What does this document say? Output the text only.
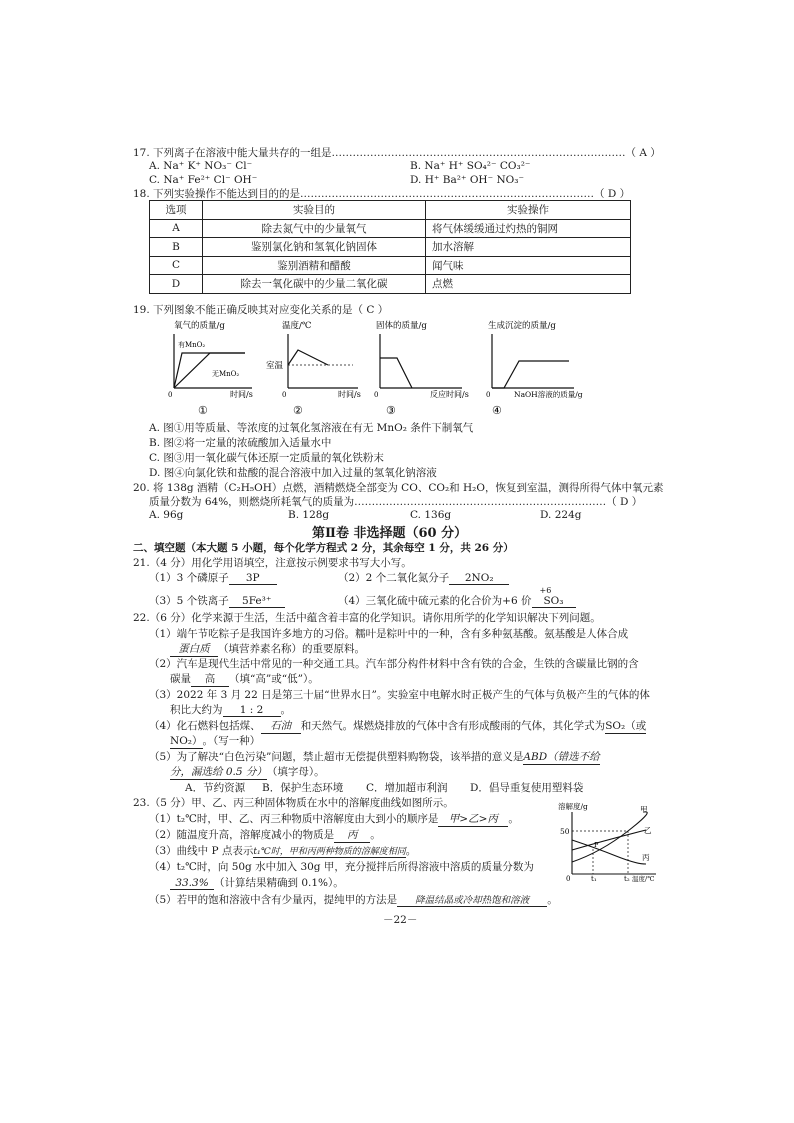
17. 下列离子在溶液中能大量共存的一组是…………………………………………………………………………（ A ）
A. Na⁺ K⁺ NO₃⁻ Cl⁻	B. Na⁺ H⁺ SO₄²⁻ CO₃²⁻
C. Na⁺ Fe²⁺ Cl⁻ OH⁻	D. H⁺ Ba²⁺ OH⁻ NO₃⁻
18. 下列实验操作不能达到目的的是…………………………………………………………………………（ D ）
选项	实验目的	实验操作
A	除去氮气中的少量氧气	将气体缓缓通过灼热的铜网
B	鉴别氯化钠和氢氧化钠固体	加水溶解
C	鉴别酒精和醋酸	闻气味
D	除去一氧化碳中的少量二氧化碳	点燃
19. 下列图象不能正确反映其对应变化关系的是（ C ）
氧气的质量/g
有MnO₂
无MnO₂
0	时间/s
①
温度/℃
室温
0	时间/s
②
固体的质量/g
0	反应时间/s
③
生成沉淀的质量/g
0	NaOH溶液的质量/g
④
A. 图①用等质量、等浓度的过氧化氢溶液在有无 MnO₂ 条件下制氧气
B. 图②将一定量的浓硫酸加入适量水中
C. 图③用一氧化碳气体还原一定质量的氧化铁粉末
D. 图④向氯化铁和盐酸的混合溶液中加入过量的氢氧化钠溶液
20. 将 138g 酒精（C₂H₅OH）点燃，酒精燃烧全部变为 CO、CO₂和 H₂O，恢复到室温，测得所得气体中氧元素
质量分数为 64%，则燃烧所耗氧气的质量为………………………………………………………………（ D ）
A. 96g	B. 128g	C. 136g	D. 224g
第Ⅱ卷 非选择题（60 分）
二、填空题（本大题 5 小题，每个化学方程式 2 分，其余每空 1 分，共 26 分）
21.（4 分）用化学用语填空，注意按示例要求书写大小写。
（1）3 个磷原子 3P	（2）2 个二氧化氮分子 2NO₂
（3）5 个铁离子 5Fe³⁺	（4）三氧化硫中硫元素的化合价为+6 价
+6
SO₃
22.（6 分）化学来源于生活，生活中蕴含着丰富的化学知识。请你用所学的化学知识解决下列问题。
（1）端午节吃粽子是我国许多地方的习俗。糯叶是粽叶中的一种，含有多种氨基酸。氨基酸是人体合成
蛋白质 （填营养素名称）的重要原料。
（2）汽车是现代生活中常见的一种交通工具。汽车部分构件材料中含有铁的合金，生铁的含碳量比钢的含
碳量 高 （填“高”或“低”）。
（3）2022 年 3 月 22 日是第三十届“世界水日”。实验室中电解水时正极产生的气体与负极产生的气体的体
积比大约为 1 : 2 。
（4）化石燃料包括煤、 石油 和天然气。煤燃烧排放的气体中含有形成酸雨的气体，其化学式为SO₂（或
NO₂）。（写一种）
（5）为了解决“白色污染”问题，禁止超市无偿提供塑料购物袋，该举措的意义是ABD（错选不给
分，漏选给 0.5 分）（填字母）。
A．节约资源 B．保护生态环境 C．增加超市利润 D．倡导重复使用塑料袋
23.（5 分）甲、乙、丙三种固体物质在水中的溶解度曲线如图所示。
（1）t₂℃时，甲、乙、丙三种物质中溶解度由大到小的顺序是 甲>乙>丙 。
（2）随温度升高，溶解度减小的物质是 丙 。
（3）曲线中 P 点表示t₁℃时，甲和丙两种物质的溶解度相同。
（4）t₂℃时，向 50g 水中加入 30g 甲，充分搅拌后所得溶液中溶质的质量分数为
33.3% （计算结果精确到 0.1%）。
（5）若甲的饱和溶液中含有少量丙，提纯甲的方法是 降温结晶或冷却热饱和溶液 。
溶解度/g
50
0	t₁	t₂ 温度/℃
甲
乙
丙
P
－22－
